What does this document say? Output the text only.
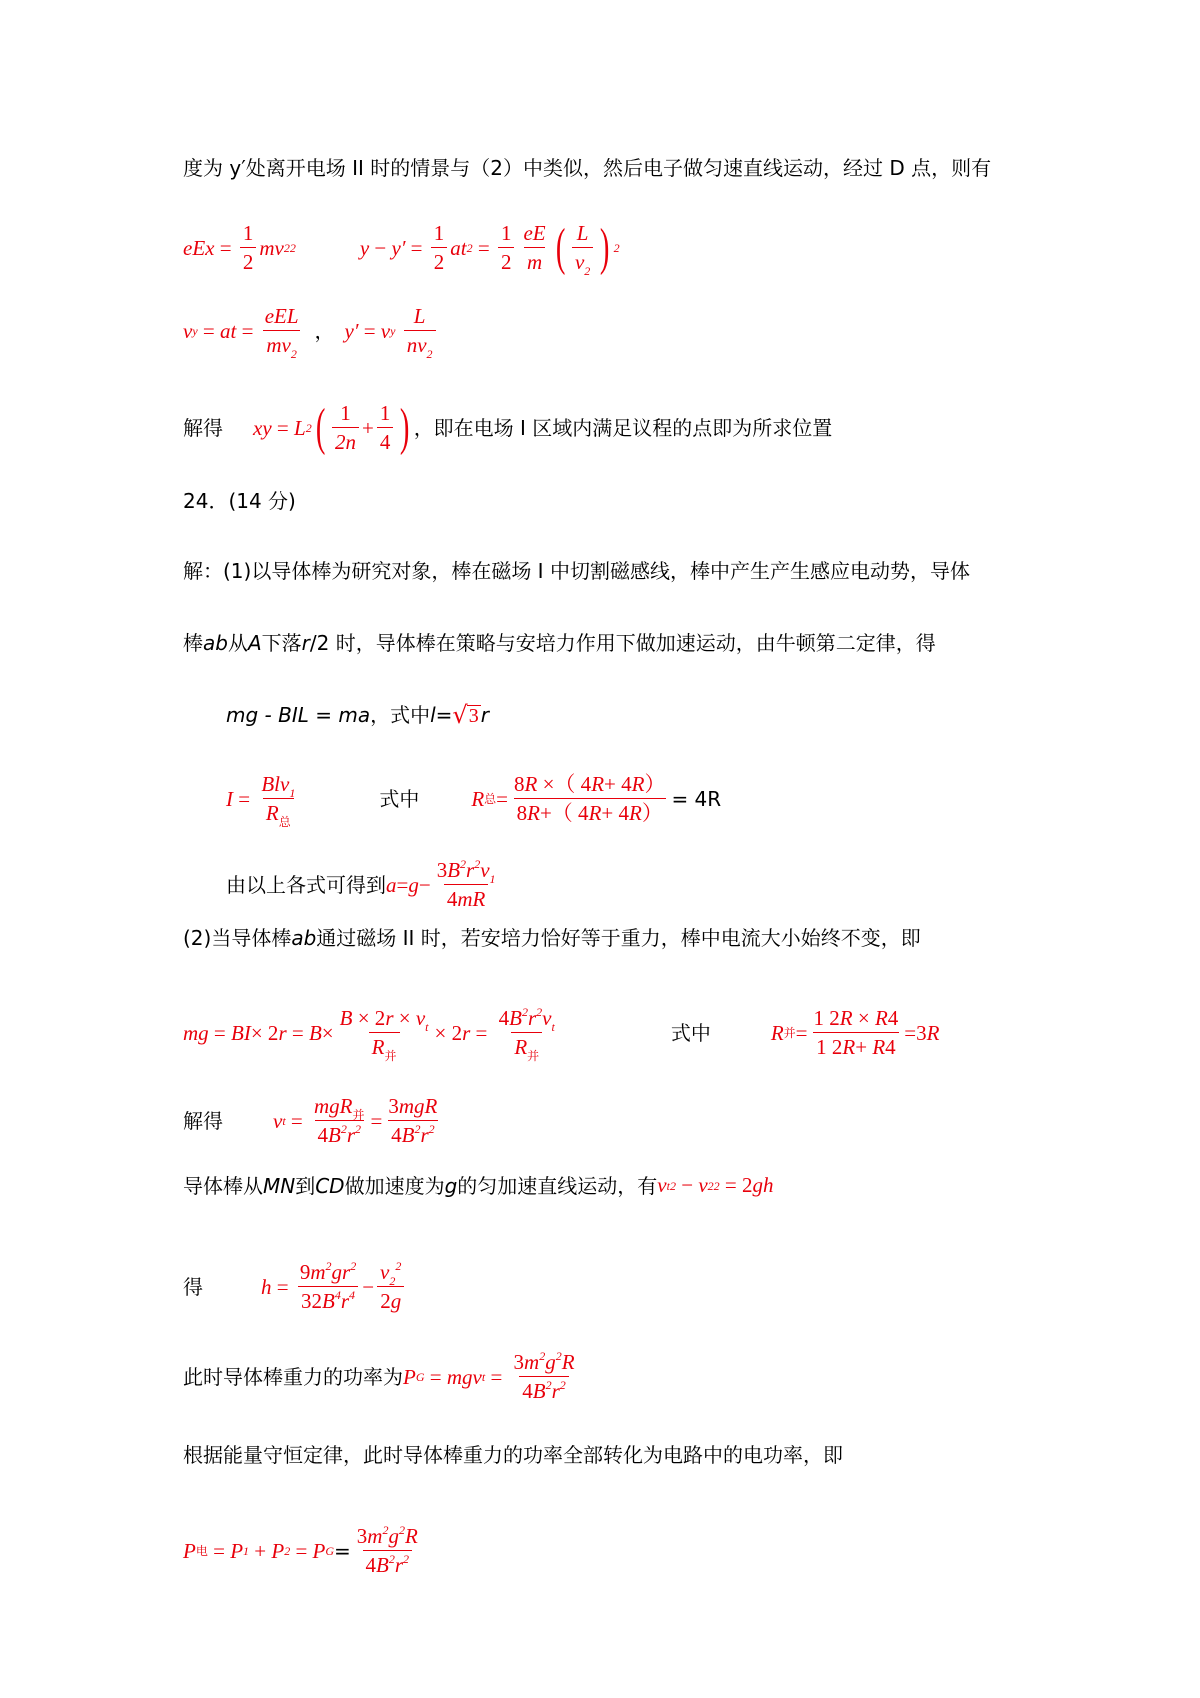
度为 y′处离开电场 II 时的情景与（2）中类似，然后电子做匀速直线运动，经过 D 点，则有
eEx = $\frac{1}{2}$ mv 2 2	$y - y' = \frac{1}{2}$ at $2 = \frac{1}{2} \frac{eE}{m}$ ( $\frac{L}{v_2}$ ) 2
v y = at = $\frac{\text{eEL}}{mv_2}$ ， y′ = v y
$\frac{L}{nv_2}$
解得 xy = L 2 ( $\frac{1}{2n} + \frac{1}{4}$ ) ，即在电场 I 区域内满足议程的点即为所求位置
24．(14 分)
解：(1)以导体棒为研究对象，棒在磁场 I 中切割磁感线，棒中产生产生感应电动势，导体
棒 ab 从 A 下落 r /2 时，导体棒在策略与安培力作用下做加速运动，由牛顿第二定律，得
mg - BIL = ma ，式中 l = √ 3 r
$I = \frac{Blv_1}{R_总}$	式中 R 总 = $\frac{8R \times( 4R+ 4R)}{8R+( 4R+ 4R)} = 4R$
由以上各式可得到 $a = g - \frac{3B^2r^2v_1}{4mR}$
(2)当导体棒 ab 通过磁场 II 时，若安培力恰好等于重力，棒中电流大小始终不变，即
mg = BI × 2 $r = B \times \frac{B \times 2r \times v_t}{R_并} \times 2$ $r = \frac{4B^2r^2v_t}{R_并}$	式中	R 并 = $\frac{1 2R \times R4}{1 2R+ R4} =3$ R
解得 v $t = \frac{mgR_并}{4B^2r^2} = \frac{\text{3mgR}}{4B^2r^2}$
导体棒从 MN 到 CD 做加速度为 g 的匀加速直线运动，有 v t 2 − v 2 2 = 2 gh
得	$h = \frac{9m^2gr^2}{32B^4r^4} - \frac{v_2^2}{2g}$
此时导体棒重力的功率为 P G = mgv $t = \frac{3m^2g^2R}{4B^2r^2}$
根据能量守恒定律，此时导体棒重力的功率全部转化为电路中的电功率，即
P 电 = P 1 + P 2 = P $G = \frac{3m^2g^2R}{4B^2r^2}$
